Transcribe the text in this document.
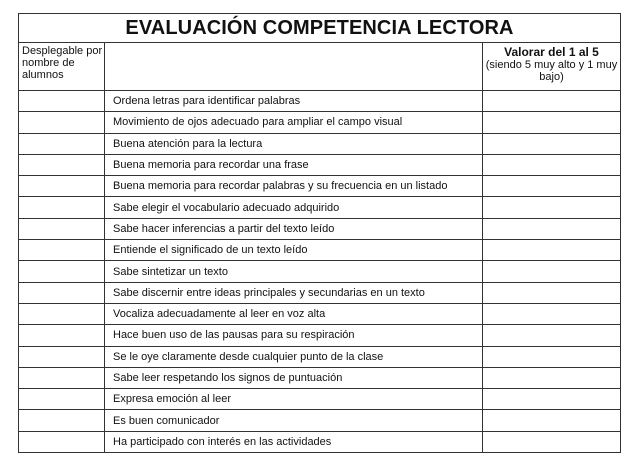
EVALUACIÓN COMPETENCIA LECTORA		
Desplegable por nombre de alumnos		Valorar del 1 al 5
(siendo 5 muy alto y 1 muy bajo)

	Ordena letras para identificar palabras	
	Movimiento de ojos adecuado para ampliar el campo visual	
	Buena atención para la lectura	
	Buena memoria para recordar una frase	
	Buena memoria para recordar palabras y su frecuencia en un listado	
	Sabe elegir el vocabulario adecuado adquirido	
	Sabe hacer inferencias a partir del texto leído	
	Entiende el significado de un texto leído	
	Sabe sintetizar un texto	
	Sabe discernir entre ideas principales y secundarias en un texto	
	Vocaliza adecuadamente al leer en voz alta	
	Hace buen uso de las pausas para su respiración	
	Se le oye claramente desde cualquier punto de la clase	
	Sabe leer respetando los signos de puntuación	
	Expresa emoción al leer	
	Es buen comunicador	
	Ha participado con interés en las actividades	
